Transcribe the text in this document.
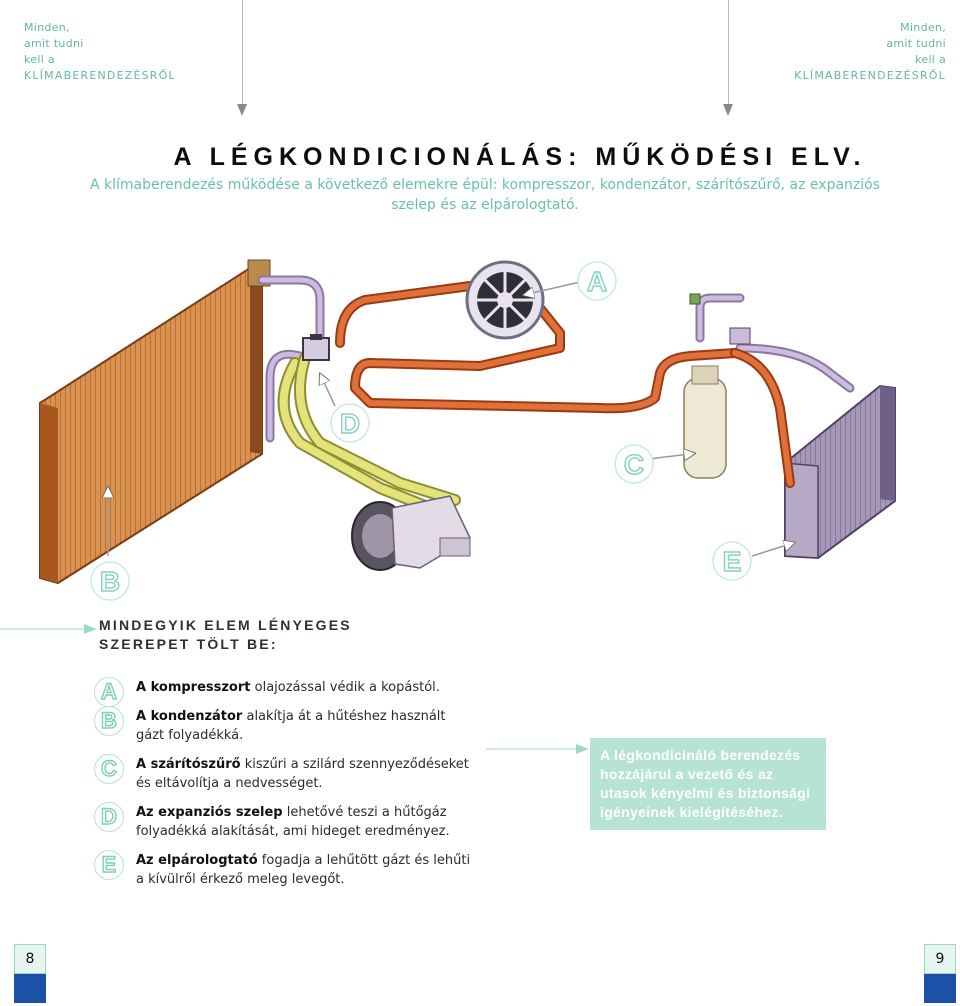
Minden,
amit tudni
kell a
KLÍMABERENDEZÉSRŐL
Minden,
amit tudni
kell a
KLÍMABERENDEZÉSRŐL
A LÉGKONDICIONÁLÁS: MŰKÖDÉSI ELV.
A klímaberendezés működése a következő elemekre épül: kompresszor, kondenzátor, szárítószűrő, az expanziós szelep és az elpárologtató.
A
D
C
B
E
MINDEGYIK ELEM LÉNYEGES
SZEREPET TÖLT BE:
A	A kompresszort olajozással védik a kopástól.
B	A kondenzátor alakítja át a hűtéshez használt gázt folyadékká.
C	A szárítószűrő kiszűri a szilárd szennyeződéseket és eltávolítja a nedvességet.
D	Az expanziós szelep lehetővé teszi a hűtőgáz folyadékká alakítását, ami hideget eredményez.
E	Az elpárologtató fogadja a lehűtött gázt és lehűti a kívülről érkező meleg levegőt.
A légkondicináló berendezés hozzájárul a vezető és az utasok kényelmi és biztonsági igényeinek kielégítéséhez.
8	9
